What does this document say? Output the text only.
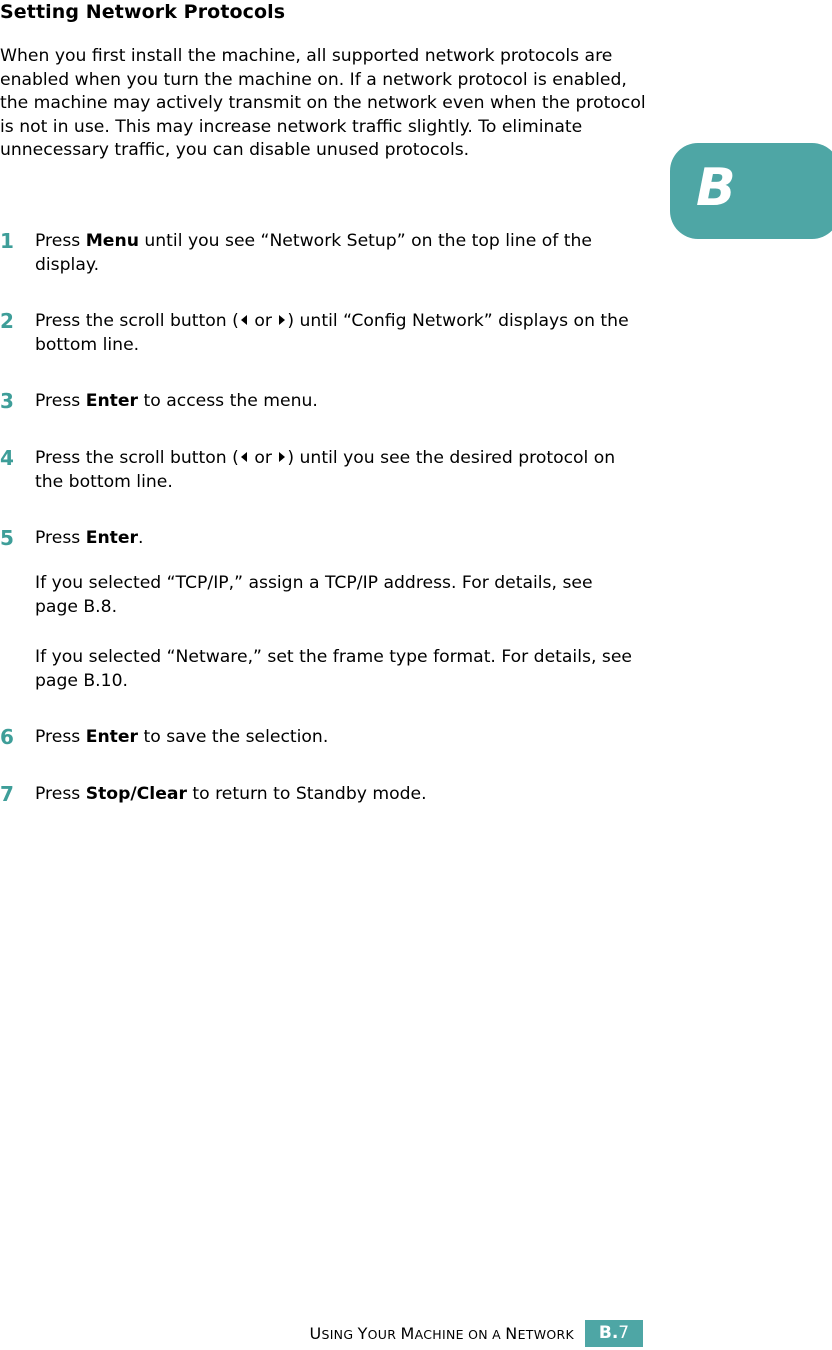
Setting Network Protocols

When you first install the machine, all supported network protocols are enabled when you turn the machine on. If a network protocol is enabled, the machine may actively transmit on the network even when the protocol is not in use. This may increase network traffic slightly. To eliminate unnecessary traffic, you can disable unused protocols.

1 Press Menu until you see “Network Setup” on the top line of the display.
2 Press the scroll button ( or ) until “Config Network” displays on the bottom line.
3 Press Enter to access the menu.
4 Press the scroll button ( or ) until you see the desired protocol on the bottom line.
5 Press Enter.

If you selected “TCP/IP,” assign a TCP/IP address. For details, see page B.8.

If you selected “Netware,” set the frame type format. For details, see page B.10.

6 Press Enter to save the selection.
7 Press Stop/Clear to return to Standby mode.
B
USING YOUR MACHINE ON A NETWORK	B.7
